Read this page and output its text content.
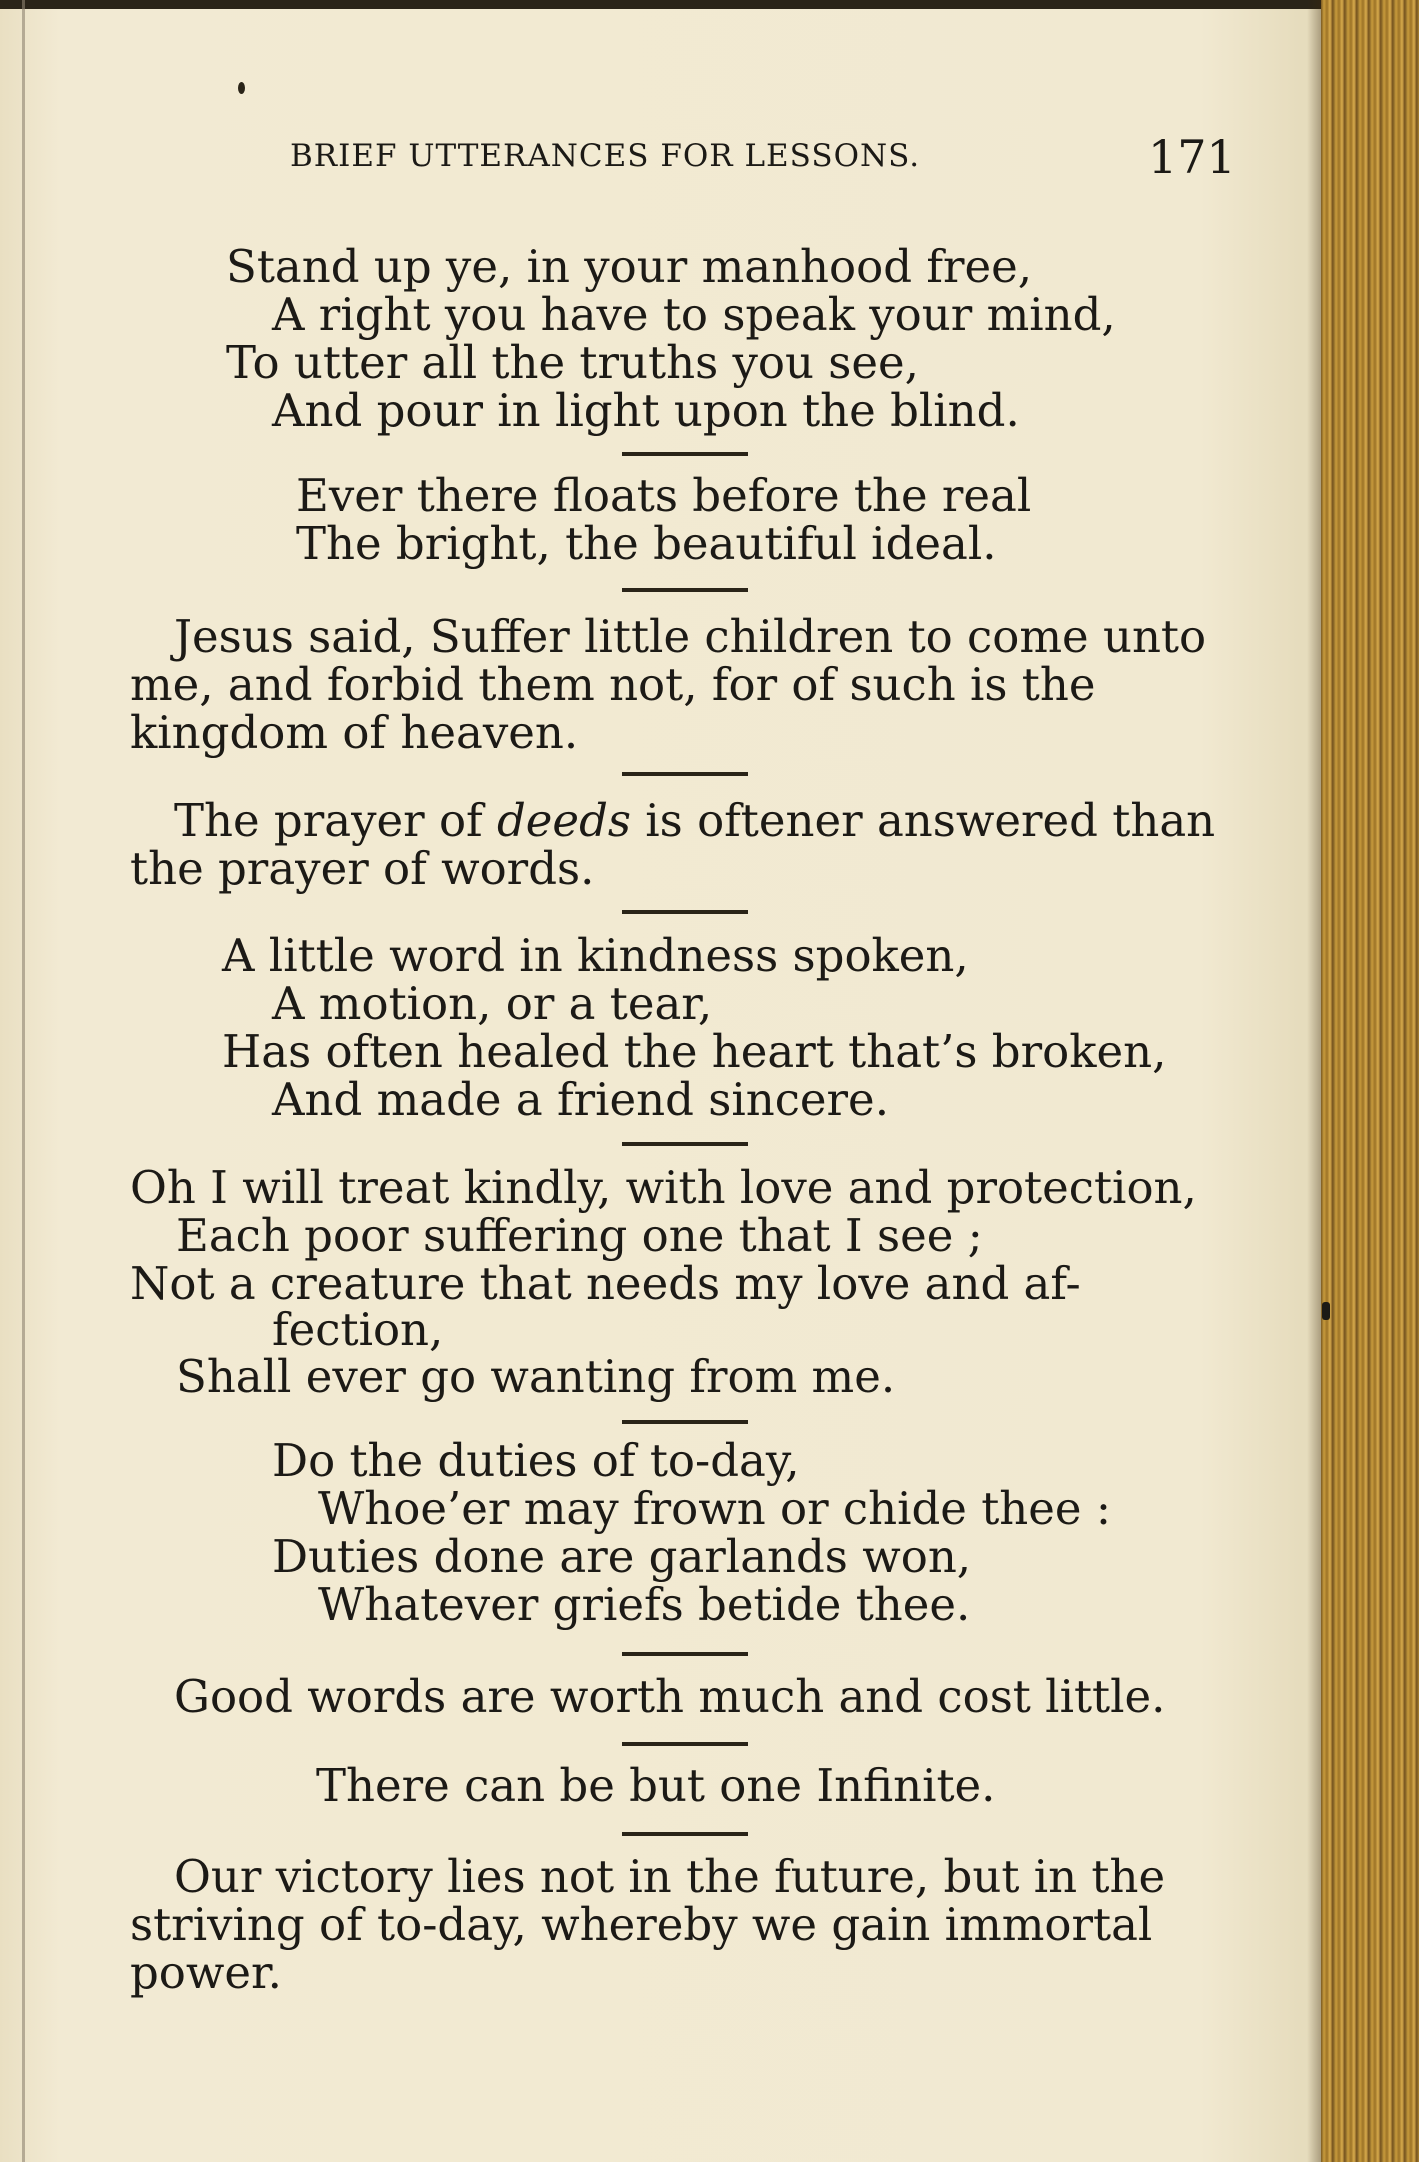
BRIEF UTTERANCES FOR LESSONS.	171
Stand up ye, in your manhood free,
A right you have to speak your mind,
To utter all the truths you see,
And pour in light upon the blind.
Ever there floats before the real
The bright, the beautiful ideal.
Jesus said, Suffer little children to come unto
me, and forbid them not, for of such is the
kingdom of heaven.
The prayer of deeds is oftener answered than
the prayer of words.
A little word in kindness spoken,
A motion, or a tear,
Has often healed the heart that’s broken,
And made a friend sincere.
Oh I will treat kindly, with love and protection,
Each poor suffering one that I see ;
Not a creature that needs my love and af-
fection,
Shall ever go wanting from me.
Do the duties of to-day,
Whoe’er may frown or chide thee :
Duties done are garlands won,
Whatever griefs betide thee.
Good words are worth much and cost little.
There can be but one Infinite.
Our victory lies not in the future, but in the
striving of to-day, whereby we gain immortal
power.
